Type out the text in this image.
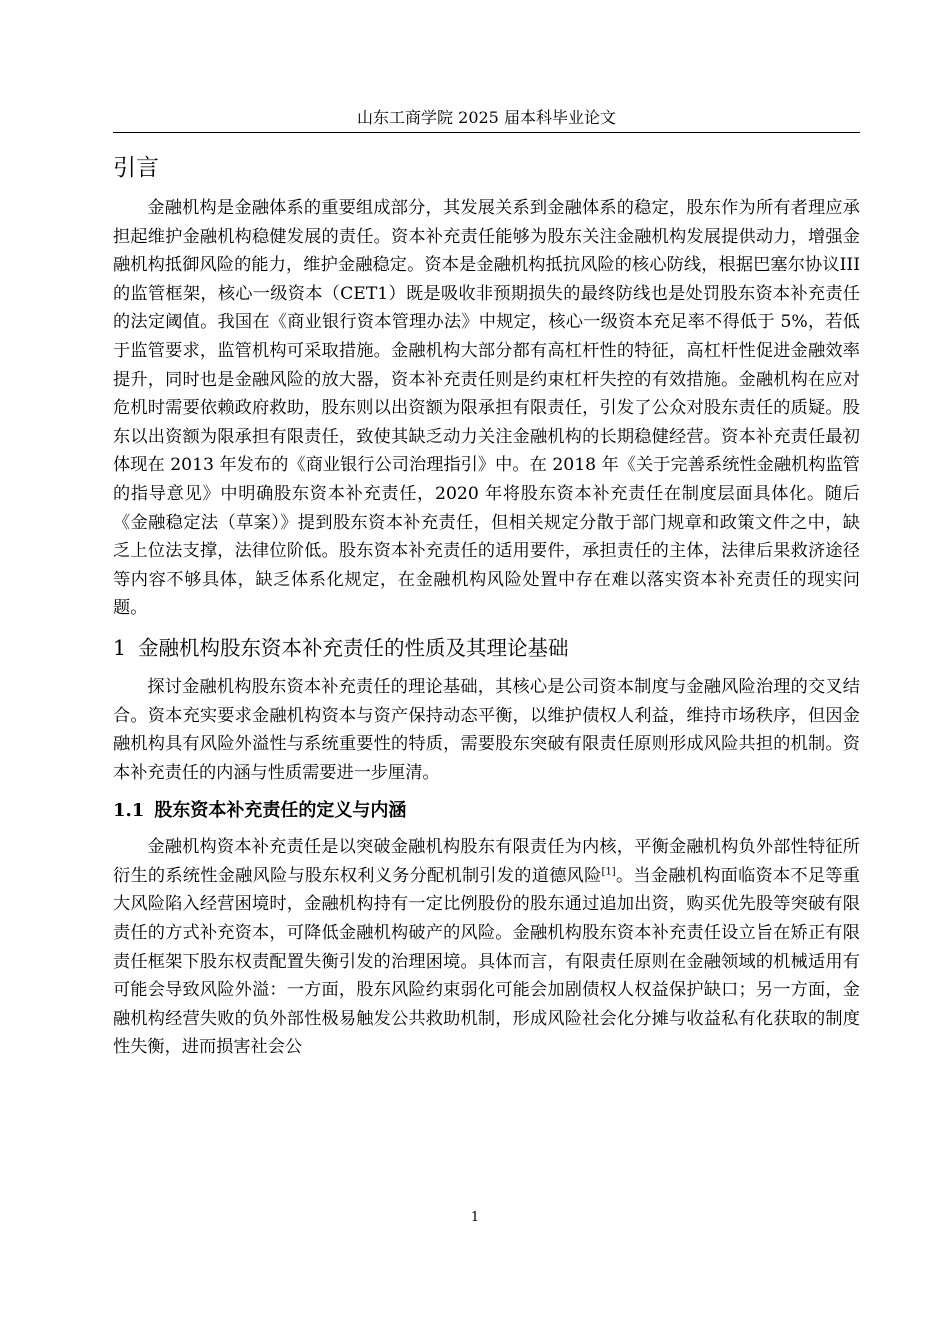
山东工商学院 2025 届本科毕业论文
引言

金融机构是金融体系的重要组成部分，其发展关系到金融体系的稳定，股东作为所有者理应承担起维护金融机构稳健发展的责任。资本补充责任能够为股东关注金融机构发展提供动力，增强金融机构抵御风险的能力，维护金融稳定。资本是金融机构抵抗风险的核心防线，根据巴塞尔协议III的监管框架，核心一级资本（CET1）既是吸收非预期损失的最终防线也是处罚股东资本补充责任的法定阈值。我国在《商业银行资本管理办法》中规定，核心一级资本充足率不得低于 5%，若低于监管要求，监管机构可采取措施。金融机构大部分都有高杠杆性的特征，高杠杆性促进金融效率提升，同时也是金融风险的放大器，资本补充责任则是约束杠杆失控的有效措施。金融机构在应对危机时需要依赖政府救助，股东则以出资额为限承担有限责任，引发了公众对股东责任的质疑。股东以出资额为限承担有限责任，致使其缺乏动力关注金融机构的长期稳健经营。资本补充责任最初体现在 2013 年发布的《商业银行公司治理指引》中。在 2018 年《关于完善系统性金融机构监管的指导意见》中明确股东资本补充责任，2020 年将股东资本补充责任在制度层面具体化。随后《金融稳定法（草案）》提到股东资本补充责任，但相关规定分散于部门规章和政策文件之中，缺乏上位法支撑，法律位阶低。股东资本补充责任的适用要件，承担责任的主体，法律后果救济途径等内容不够具体，缺乏体系化规定，在金融机构风险处置中存在难以落实资本补充责任的现实问题。

1 金融机构股东资本补充责任的性质及其理论基础

探讨金融机构股东资本补充责任的理论基础，其核心是公司资本制度与金融风险治理的交叉结合。资本充实要求金融机构资本与资产保持动态平衡，以维护债权人利益，维持市场秩序，但因金融机构具有风险外溢性与系统重要性的特质，需要股东突破有限责任原则形成风险共担的机制。资本补充责任的内涵与性质需要进一步厘清。

1.1 股东资本补充责任的定义与内涵

金融机构资本补充责任是以突破金融机构股东有限责任为内核，平衡金融机构负外部性特征所衍生的系统性金融风险与股东权利义务分配机制引发的道德风险[1]。当金融机构面临资本不足等重大风险陷入经营困境时，金融机构持有一定比例股份的股东通过追加出资，购买优先股等突破有限责任的方式补充资本，可降低金融机构破产的风险。金融机构股东资本补充责任设立旨在矫正有限责任框架下股东权责配置失衡引发的治理困境。具体而言，有限责任原则在金融领域的机械适用有可能会导致风险外溢：一方面，股东风险约束弱化可能会加剧债权人权益保护缺口；另一方面，金融机构经营失败的负外部性极易触发公共救助机制，形成风险社会化分摊与收益私有化获取的制度性失衡，进而损害社会公

1
